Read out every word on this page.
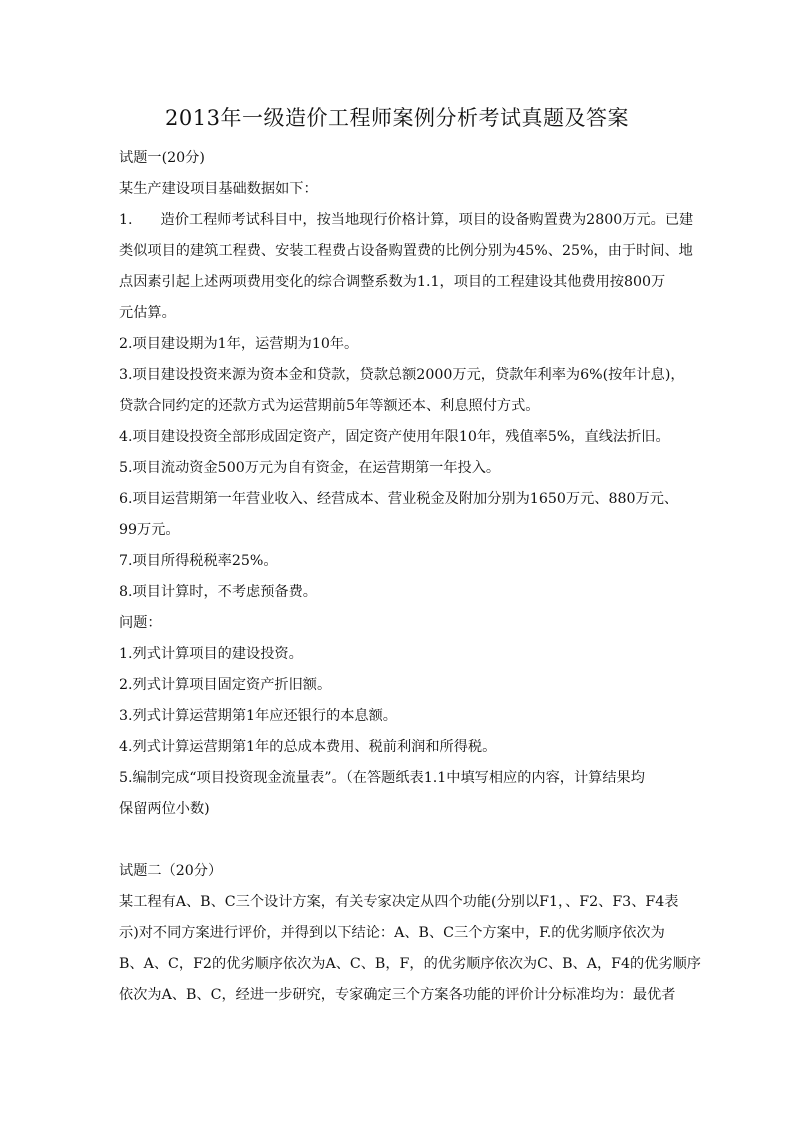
2013年一级造价工程师案例分析考试真题及答案
试题一(20分)
某生产建设项目基础数据如下：
1. 造价工程师考试科目中，按当地现行价格计算，项目的设备购置费为2800万元。已建
类似项目的建筑工程费、安装工程费占设备购置费的比例分别为45%、25%，由于时间、地
点因素引起上述两项费用变化的综合调整系数为1.1，项目的工程建设其他费用按800万
元估算。
2.项目建设期为1年，运营期为10年。
3.项目建设投资来源为资本金和贷款，贷款总额2000万元，贷款年利率为6%(按年计息)，
贷款合同约定的还款方式为运营期前5年等额还本、利息照付方式。
4.项目建设投资全部形成固定资产，固定资产使用年限10年，残值率5%，直线法折旧。
5.项目流动资金500万元为自有资金，在运营期第一年投入。
6.项目运营期第一年营业收入、经营成本、营业税金及附加分别为1650万元、880万元、
99万元。
7.项目所得税税率25%。
8.项目计算时，不考虑预备费。
问题：
1.列式计算项目的建设投资。
2.列式计算项目固定资产折旧额。
3.列式计算运营期第1年应还银行的本息额。
4.列式计算运营期第1年的总成本费用、税前利润和所得税。
5.编制完成“项目投资现金流量表”。（在答题纸表1.1中填写相应的内容，计算结果均
保留两位小数)
试题二（20分）
某工程有A、B、C三个设计方案，有关专家决定从四个功能(分别以F1，、F2、F3、F4表
示)对不同方案进行评价，并得到以下结论：A、B、C三个方案中，F.的优劣顺序依次为
B、A、C，F2的优劣顺序依次为A、C、B，F，的优劣顺序依次为C、B、A，F4的优劣顺序
依次为A、B、C，经进一步研究，专家确定三个方案各功能的评价计分标准均为：最优者
